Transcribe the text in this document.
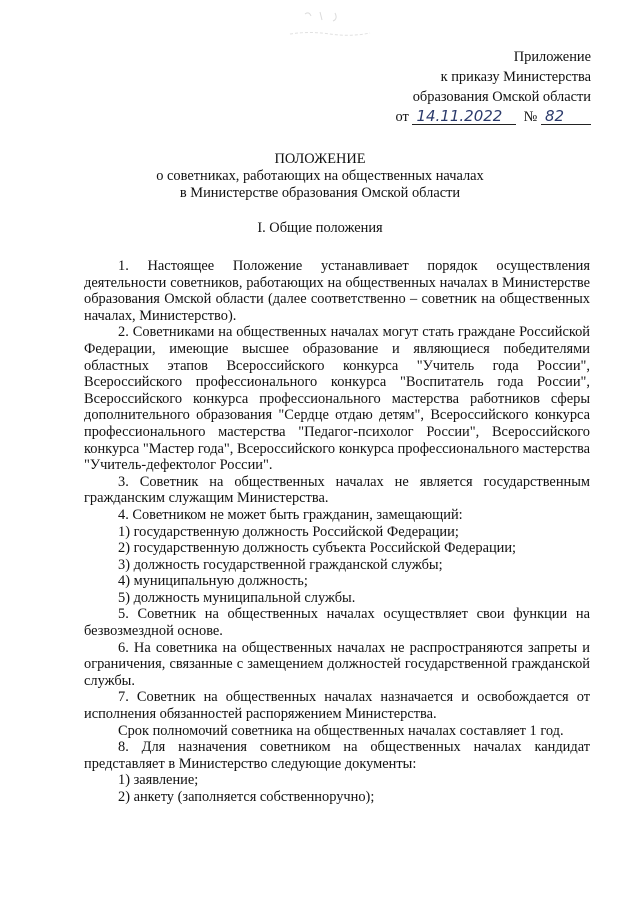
Приложение
к приказу Министерства
образования Омской области
от 14.11.2022 № 82
ПОЛОЖЕНИЕ
о советниках, работающих на общественных началах
в Министерстве образования Омской области
I. Общие положения

1. Настоящее Положение устанавливает порядок осуществления деятельности советников, работающих на общественных началах в Министерстве образования Омской области (далее соответственно – советник на общественных началах, Министерство).

2. Советниками на общественных началах могут стать граждане Российской Федерации, имеющие высшее образование и являющиеся победителями областных этапов Всероссийского конкурса "Учитель года России", Всероссийского профессионального конкурса "Воспитатель года России", Всероссийского конкурса профессионального мастерства работников сферы дополнительного образования "Сердце отдаю детям", Всероссийского конкурса профессионального мастерства "Педагог-психолог России", Всероссийского конкурса "Мастер года", Всероссийского конкурса профессионального мастерства "Учитель-дефектолог России".

3. Советник на общественных началах не является государственным гражданским служащим Министерства.

4. Советником не может быть гражданин, замещающий:

1) государственную должность Российской Федерации;

2) государственную должность субъекта Российской Федерации;

3) должность государственной гражданской службы;

4) муниципальную должность;

5) должность муниципальной службы.

5. Советник на общественных началах осуществляет свои функции на безвозмездной основе.

6. На советника на общественных началах не распространяются запреты и ограничения, связанные с замещением должностей государственной гражданской службы.

7. Советник на общественных началах назначается и освобождается от исполнения обязанностей распоряжением Министерства.

Срок полномочий советника на общественных началах составляет 1 год.

8. Для назначения советником на общественных началах кандидат представляет в Министерство следующие документы:

1) заявление;

2) анкету (заполняется собственноручно);
